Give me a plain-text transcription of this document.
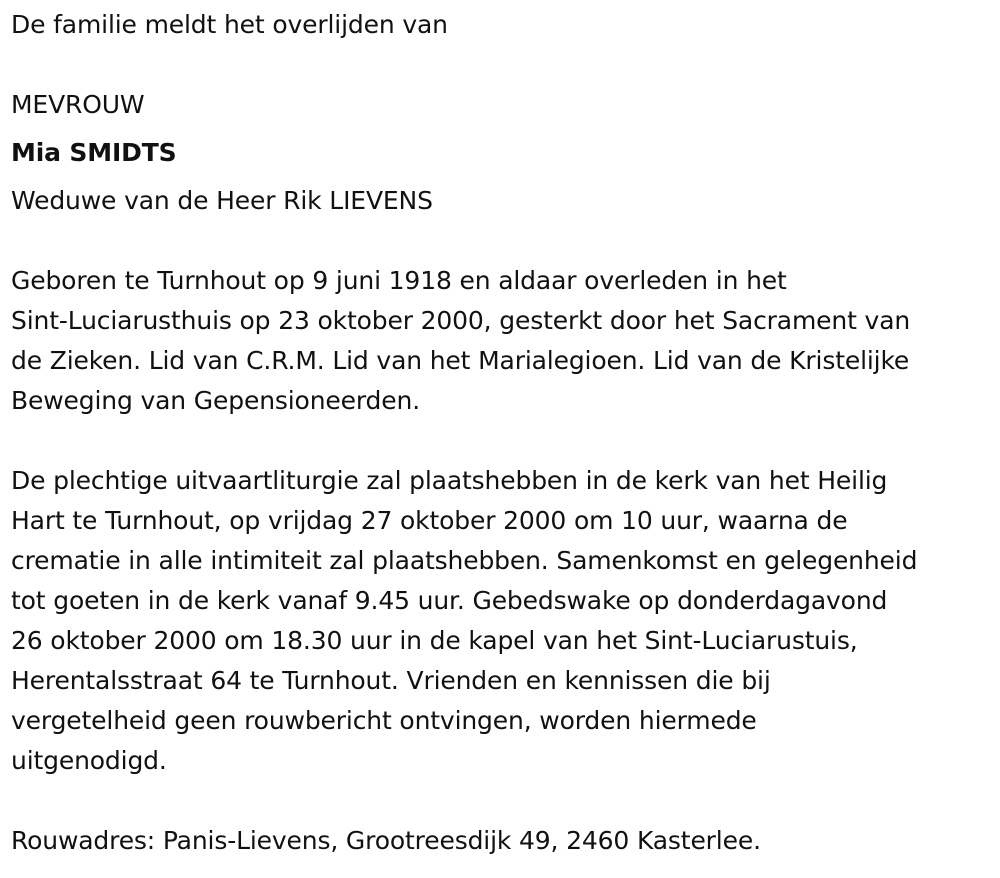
De familie meldt het overlijden van
MEVROUW
Mia SMIDTS
Weduwe van de Heer Rik LIEVENS
Geboren te Turnhout op 9 juni 1918 en aldaar overleden in het
Sint-Luciarusthuis op 23 oktober 2000, gesterkt door het Sacrament van
de Zieken. Lid van C.R.M. Lid van het Marialegioen. Lid van de Kristelijke
Beweging van Gepensioneerden.
De plechtige uitvaartliturgie zal plaatshebben in de kerk van het Heilig
Hart te Turnhout, op vrijdag 27 oktober 2000 om 10 uur, waarna de
crematie in alle intimiteit zal plaatshebben. Samenkomst en gelegenheid
tot goeten in de kerk vanaf 9.45 uur. Gebedswake op donderdagavond
26 oktober 2000 om 18.30 uur in de kapel van het Sint-Luciarustuis,
Herentalsstraat 64 te Turnhout. Vrienden en kennissen die bij
vergetelheid geen rouwbericht ontvingen, worden hiermede
uitgenodigd.
Rouwadres: Panis-Lievens, Grootreesdijk 49, 2460 Kasterlee.
